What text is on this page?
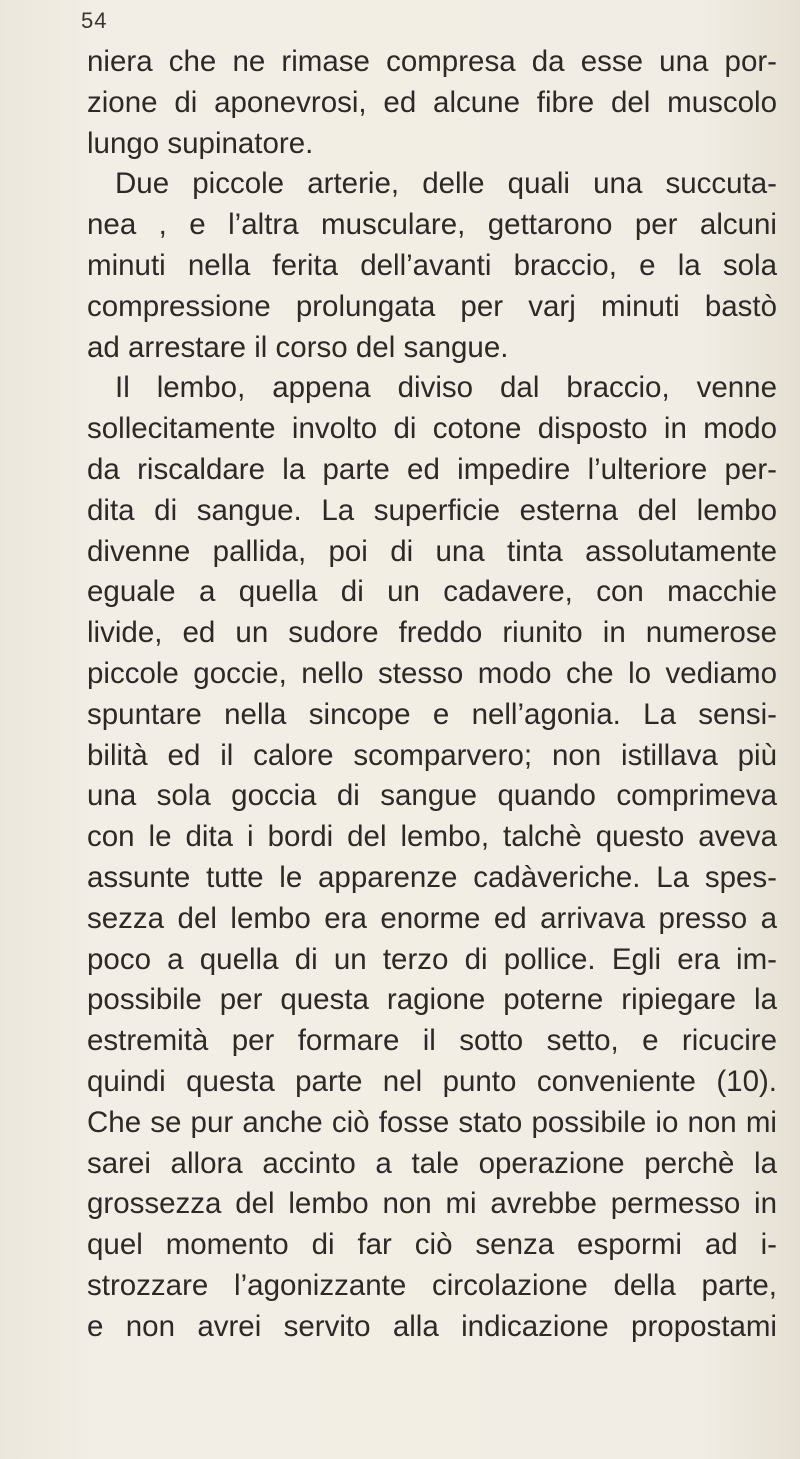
54
niera che ne rimase compresa da esse una por-
zione di aponevrosi, ed alcune fibre del muscolo
lungo supinatore.
Due piccole arterie, delle quali una succuta-
nea , e l’altra musculare, gettarono per alcuni
minuti nella ferita dell’avanti braccio, e la sola
compressione prolungata per varj minuti bastò
ad arrestare il corso del sangue.
Il lembo, appena diviso dal braccio, venne
sollecitamente involto di cotone disposto in modo
da riscaldare la parte ed impedire l’ulteriore per-
dita di sangue. La superficie esterna del lembo
divenne pallida, poi di una tinta assolutamente
eguale a quella di un cadavere, con macchie
livide, ed un sudore freddo riunito in numerose
piccole goccie, nello stesso modo che lo vediamo
spuntare nella sincope e nell’agonia. La sensi-
bilità ed il calore scomparvero; non istillava più
una sola goccia di sangue quando comprimeva
con le dita i bordi del lembo, talchè questo aveva
assunte tutte le apparenze cadàveriche. La spes-
sezza del lembo era enorme ed arrivava presso a
poco a quella di un terzo di pollice. Egli era im-
possibile per questa ragione poterne ripiegare la
estremità per formare il sotto setto, e ricucire
quindi questa parte nel punto conveniente (10).
Che se pur anche ciò fosse stato possibile io non mi
sarei allora accinto a tale operazione perchè la
grossezza del lembo non mi avrebbe permesso in
quel momento di far ciò senza espormi ad i-
strozzare l’agonizzante circolazione della parte,
e non avrei servito alla indicazione propostami
